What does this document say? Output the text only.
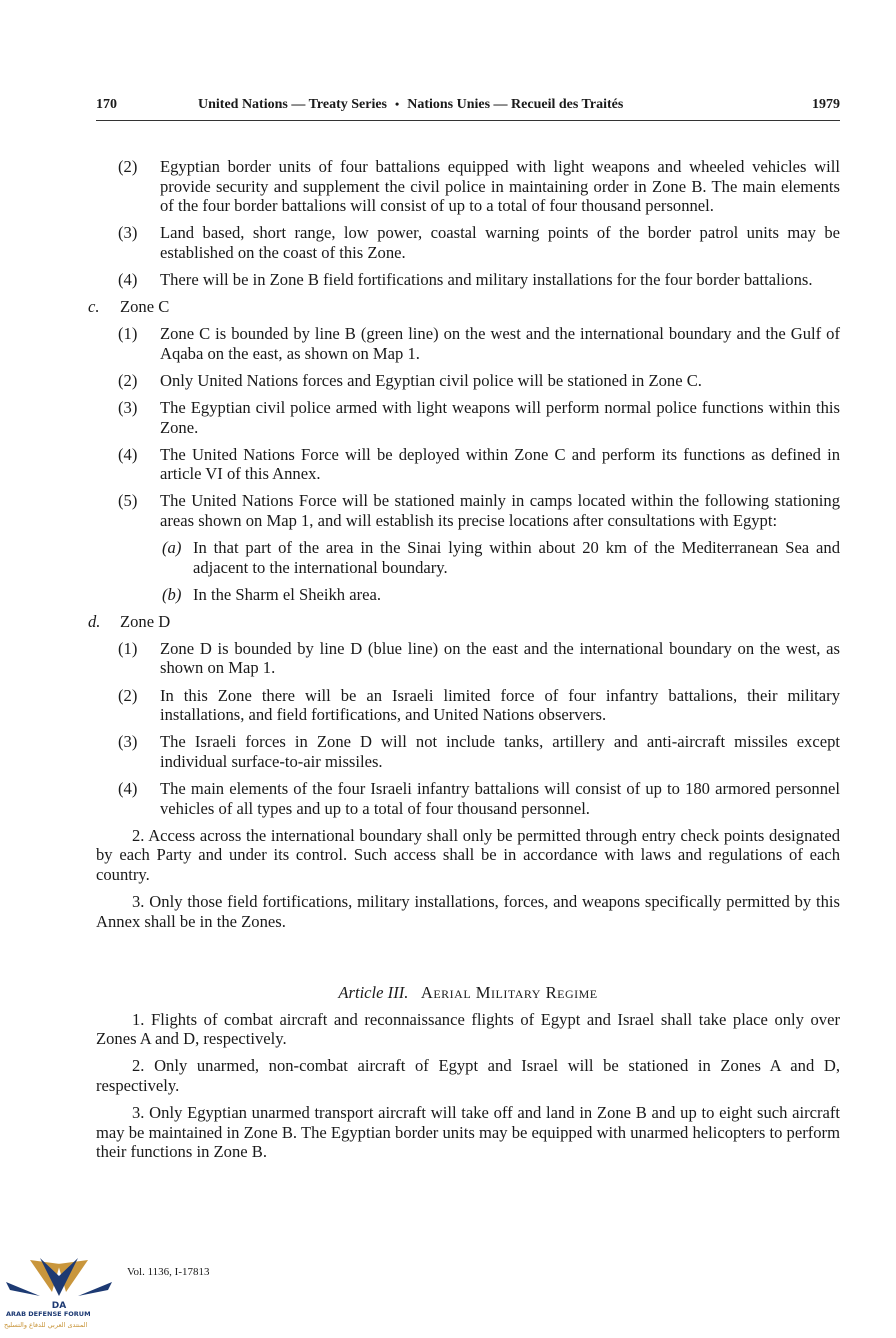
170	United Nations — Treaty Series • Nations Unies — Recueil des Traités	1979
(2) Egyptian border units of four battalions equipped with light weapons and wheeled vehicles will provide security and supplement the civil police in maintaining order in Zone B. The main elements of the four border battalions will consist of up to a total of four thousand personnel.
(3) Land based, short range, low power, coastal warning points of the border patrol units may be established on the coast of this Zone.
(4) There will be in Zone B field fortifications and military installations for the four border battalions.
c. Zone C
(1) Zone C is bounded by line B (green line) on the west and the international boundary and the Gulf of Aqaba on the east, as shown on Map 1.
(2) Only United Nations forces and Egyptian civil police will be stationed in Zone C.
(3) The Egyptian civil police armed with light weapons will perform normal police functions within this Zone.
(4) The United Nations Force will be deployed within Zone C and perform its functions as defined in article VI of this Annex.
(5) The United Nations Force will be stationed mainly in camps located within the following stationing areas shown on Map 1, and will establish its precise locations after consultations with Egypt:
(a) In that part of the area in the Sinai lying within about 20 km of the Mediterranean Sea and adjacent to the international boundary.
(b) In the Sharm el Sheikh area.
d. Zone D
(1) Zone D is bounded by line D (blue line) on the east and the international boundary on the west, as shown on Map 1.
(2) In this Zone there will be an Israeli limited force of four infantry battalions, their military installations, and field fortifications, and United Nations observers.
(3) The Israeli forces in Zone D will not include tanks, artillery and anti-aircraft missiles except individual surface-to-air missiles.
(4) The main elements of the four Israeli infantry battalions will consist of up to 180 armored personnel vehicles of all types and up to a total of four thousand personnel.
2. Access across the international boundary shall only be permitted through entry check points designated by each Party and under its control. Such access shall be in accordance with laws and regulations of each country.
3. Only those field fortifications, military installations, forces, and weapons specifically permitted by this Annex shall be in the Zones.
Article III. Aerial Military Regime
1. Flights of combat aircraft and reconnaissance flights of Egypt and Israel shall take place only over Zones A and D, respectively.
2. Only unarmed, non-combat aircraft of Egypt and Israel will be stationed in Zones A and D, respectively.
3. Only Egyptian unarmed transport aircraft will take off and land in Zone B and up to eight such aircraft may be maintained in Zone B. The Egyptian border units may be equipped with unarmed helicopters to perform their functions in Zone B.
Vol. 1136, I-17813
DA
ARAB DEFENSE FORUM
المنتدى العربي للدفاع والتسليح
